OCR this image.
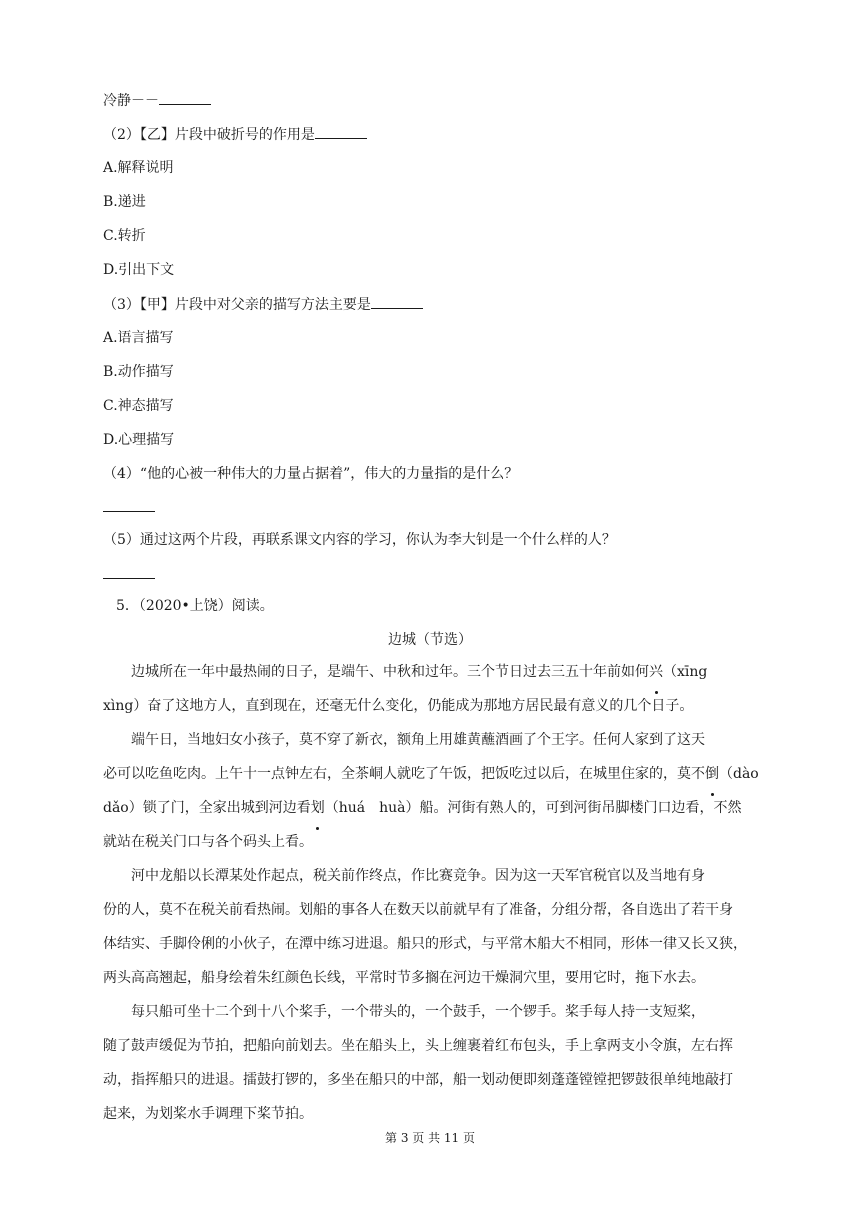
冷静－－
（2）【乙】片段中破折号的作用是
A.解释说明
B.递进
C.转折
D.引出下文
（3）【甲】片段中对父亲的描写方法主要是
A.语言描写
B.动作描写
C.神态描写
D.心理描写
（4）“他的心被一种伟大的力量占据着”，伟大的力量指的是什么？
（5）通过这两个片段，再联系课文内容的学习，你认为李大钊是一个什么样的人？
5．（2020•上饶）阅读。
边城（节选）
边城所在一年中最热闹的日子，是端午、中秋和过年。三个节日过去三五十年前如何兴（xīng
xìng）奋了这地方人，直到现在，还毫无什么变化，仍能成为那地方居民最有意义的几个日子。
端午日，当地妇女小孩子，莫不穿了新衣，额角上用雄黄蘸酒画了个王字。任何人家到了这天
必可以吃鱼吃肉。上午十一点钟左右，全茶峒人就吃了午饭，把饭吃过以后，在城里住家的，莫不倒（dào
dǎo）锁了门，全家出城到河边看划（huá　huà）船。河街有熟人的，可到河街吊脚楼门口边看，不然
就站在税关门口与各个码头上看。
河中龙船以长潭某处作起点，税关前作终点，作比赛竞争。因为这一天军官税官以及当地有身
份的人，莫不在税关前看热闹。划船的事各人在数天以前就早有了准备，分组分帮，各自选出了若干身
体结实、手脚伶俐的小伙子，在潭中练习进退。船只的形式，与平常木船大不相同，形体一律又长又狭，
两头高高翘起，船身绘着朱红颜色长线，平常时节多搁在河边干燥洞穴里，要用它时，拖下水去。
每只船可坐十二个到十八个桨手，一个带头的，一个鼓手，一个锣手。桨手每人持一支短桨，
随了鼓声缓促为节拍，把船向前划去。坐在船头上，头上缠裹着红布包头，手上拿两支小令旗，左右挥
动，指挥船只的进退。擂鼓打锣的，多坐在船只的中部，船一划动便即刻蓬蓬镗镗把锣鼓很单纯地敲打
起来，为划桨水手调理下桨节拍。
第 3 页 共 11 页
